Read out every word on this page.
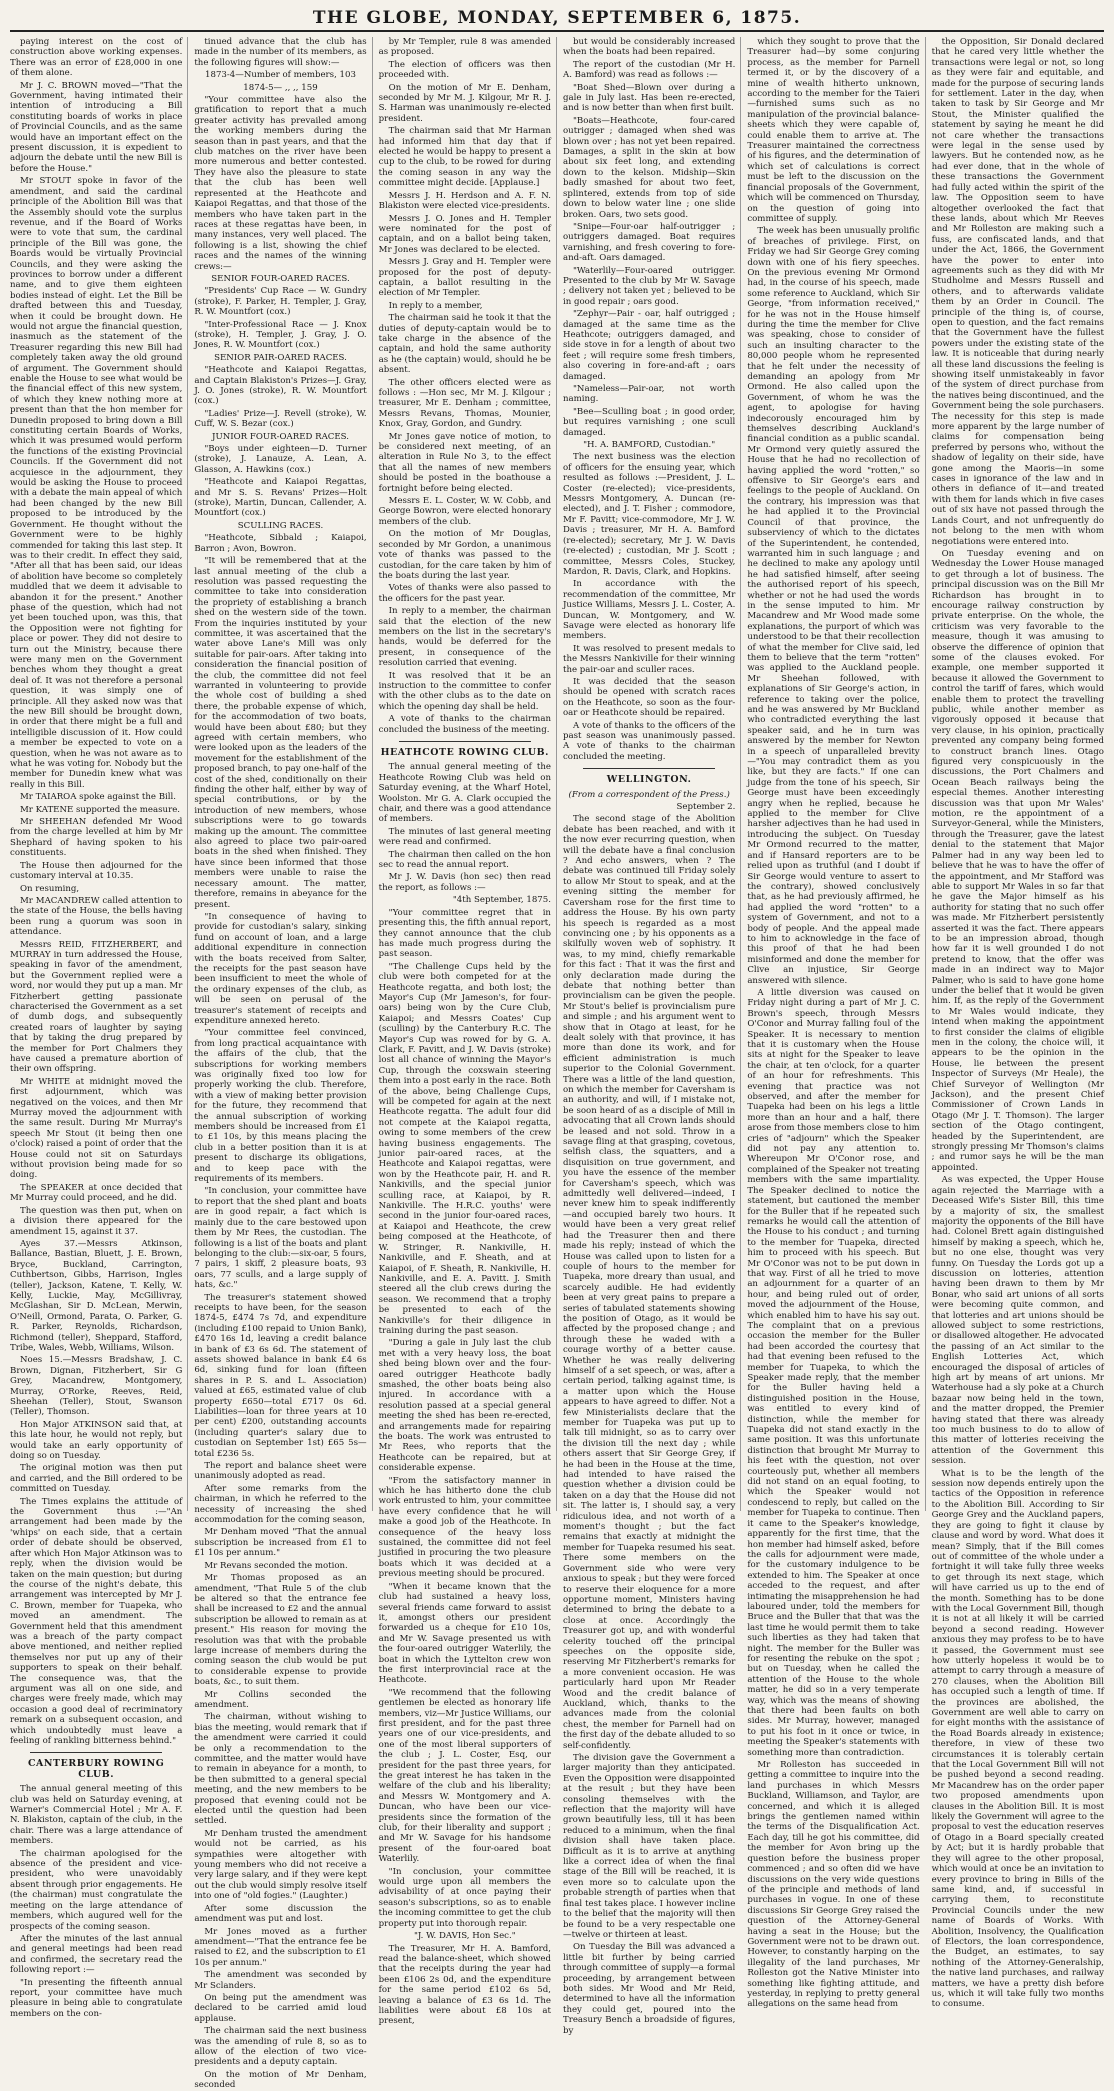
THE GLOBE, MONDAY, SEPTEMBER 6, 1875.

paying interest on the cost of construction above working expenses. There was an error of £28,000 in one of them alone.

Mr J. C. BROWN moved—"That the Government, having intimated their intention of introducing a Bill constituting boards of works in place of Provincial Councils, and as the same would have an important effect on the present discussion, it is expedient to adjourn the debate until the new Bill is before the House."

Mr STOUT spoke in favor of the amendment, and said the cardinal principle of the Abolition Bill was that the Assembly should vote the surplus revenue, and if the Board of Works were to vote that sum, the cardinal principle of the Bill was gone, the Boards would be virtually Provincial Councils, and they were asking the provinces to borrow under a different name, and to give them eighteen bodies instead of eight. Let the Bill be drafted between this and Tuesday, when it could be brought down. He would not argue the financial question, inasmuch as the statement of the Treasurer regarding this new Bill had completely taken away the old ground of argument. The Government should enable the House to see what would be the financial effect of this new system, of which they knew nothing more at present than that the hon member for Dunedin proposed to bring down a Bill constituting certain Boards of Works, which it was presumed would perform the functions of the existing Provincial Councils. If the Government did not acquiesce in the adjournment, they would be asking the House to proceed with a debate the main appeal of which had been changed by the new Bill proposed to be introduced by the Government. He thought without the Government were to be highly commended for taking this last step. It was to their credit. In effect they said, "After all that has been said, our ideas of abolition have become so completely muddled that we deem it advisable to abandon it for the present." Another phase of the question, which had not yet been touched upon, was this, that the Opposition were not fighting for place or power. They did not desire to turn out the Ministry, because there were many men on the Government benches whom they thought a great deal of. It was not therefore a personal question, it was simply one of principle. All they asked now was that the new Bill should be brought down, in order that there might be a full and intelligible discussion of it. How could a member be expected to vote on a question, when he was not aware as to what he was voting for. Nobody but the member for Dunedin knew what was really in this Bill.

Mr TAIAROA spoke against the Bill.

Mr KATENE supported the measure.

Mr SHEEHAN defended Mr Wood from the charge levelled at him by Mr Shephard of having spoken to his constituents.

The House then adjourned for the customary interval at 10.35.

On resuming,

Mr MACANDREW called attention to the state of the House, the bells having been rung a quorum was soon in attendance.

Messrs REID, FITZHERBERT, and MURRAY in turn addressed the House, speaking in favor of the amendment, but the Government replied were a word, nor would they put up a man. Mr Fitzherbert getting passionate characterised the Government as a set of dumb dogs, and subsequently created roars of laughter by saying that by taking the drug prepared by the member for Port Chalmers they have caused a premature abortion of their own offspring.

Mr WHITE at midnight moved the first adjournment, which was negatived on the voices, and then Mr Murray moved the adjournment with the same result. During Mr Murray's speech Mr Stout (it being then one o'clock) raised a point of order that the House could not sit on Saturdays without provision being made for so doing.

The SPEAKER at once decided that Mr Murray could proceed, and he did.

The question was then put, when on a division there appeared for the amendment 15, against it 37.

Ayes 37.—Messrs Atkinson, Ballance, Bastian, Bluett, J. E. Brown, Bryce, Buckland, Carrington, Cuthbertson, Gibbs, Harrison, Ingles (teller), Jackson, Katene, T. Kelly, W. Kelly, Luckie, May, McGillivray, McGlashan, Sir D. McLean, Merwin, O'Neill, Ormond, Parata, O. Parker, G. R. Parker, Reynolds, Richardson, Richmond (teller), Sheppard, Stafford, Tribe, Wales, Webb, Williams, Wilson.

Noes 15.—Messrs Bradshaw, J. C. Brown, Dignan, Fitzherbert, Sir G Grey, Macandrew, Montgomery, Murray, O'Rorke, Reeves, Reid, Sheehan (Teller), Stout, Swanson (Teller), Thomson.

Hon Major ATKINSON said that, at this late hour, he would not reply, but would take an early opportunity of doing so on Tuesday.

The original motion was then put and carried, and the Bill ordered to be committed on Tuesday.

The Times explains the attitude of the Government thus :—"An arrangement had been made by the 'whips' on each side, that a certain order of debate should be observed, after which Hon Major Atkinson was to reply, when the division would be taken on the main question; but during the course of the night's debate, this arrangement was intercepted by Mr J. C. Brown, member for Tuapeka, who moved an amendment. The Government held that this amendment was a breach of the party compact above mentioned, and neither replied themselves nor put up any of their supporters to speak on their behalf. The consequence was, that the argument was all on one side, and charges were freely made, which may occasion a good deal of recriminatory remark on a subsequent occasion, and which undoubtedly must leave a feeling of rankling bitterness behind."

CANTERBURY ROWING CLUB.

The annual general meeting of this club was held on Saturday evening, at Warner's Commercial Hotel ; Mr A. F. N. Blakiston, captain of the club, in the chair. There was a large attendance of members.

The chairman apologised for the absence of the president and vice-president, who were unavoidably absent through prior engagements. He (the chairman) must congratulate the meeting on the large attendance of members, which augured well for the prospects of the coming season.

After the minutes of the last annual and general meetings had been read and confirmed, the secretary read the following report :—

"In presenting the fifteenth annual report, your committee have much pleasure in being able to congratulate members on the con-

tinued advance that the club has made in the number of its members, as the following figures will show:—

1873-4—Number of members, 103

1874-5— ,, ,, 159

"Your committee have also the gratification to report that a much greater activity has prevailed among the working members during the season than in past years, and that the club matches on the river have been more numerous and better contested. They have also the pleasure to state that the club has been well represented at the Heathcote and Kaiapoi Regattas, and that those of the members who have taken part in the races at these regattas have been, in many instances, very well placed. The following is a list, showing the chief races and the names of the winning crews:—

SENIOR FOUR-OARED RACES.

"Presidents' Cup Race — W. Gundry (stroke), F. Parker, H. Templer, J. Gray, R. W. Mountfort (cox.)

"Inter-Professional Race — J. Knox (stroke), H. Templer, J. Gray, J. O. Jones, R. W. Mountfort (cox.)

SENIOR PAIR-OARED RACES.

"Heathcote and Kaiapoi Regattas, and Captain Blakiston's Prizes—J. Gray, J. O. Jones (stroke), R. W. Mountfort (cox.)

"Ladies' Prize—J. Revell (stroke), W. Cuff, W. S. Bezar (cox.)

JUNIOR FOUR-OARED RACES.

"Boys under eighteen—D. Turner (stroke), J. Lanauze, A. Lean, A. Glasson, A. Hawkins (cox.)

"Heathcote and Kaiapoi Regattas, and Mr S. S. Revans' Prizes—Holt (stroke), Martin, Duncan, Callender, A. Mountfort (cox.)

SCULLING RACES.

"Heathcote, Sibbald ; Kaiapoi, Barron ; Avon, Bowron.

"It will be remembered that at the last annual meeting of the club a resolution was passed requesting the committee to take into consideration the propriety of establishing a branch shed on the western side of the town. From the inquiries instituted by your committee, it was ascertained that the water above Lane's Mill was only suitable for pair-oars. After taking into consideration the financial position of the club, the committee did not feel warranted in volunteering to provide the whole cost of building a shed there, the probable expense of which, for the accommodation of two boats, would have been about £80; but they agreed with certain members, who were looked upon as the leaders of the movement for the establishment of the proposed branch, to pay one-half of the cost of the shed, conditionally on their finding the other half, either by way of special contributions, or by the introduction of new members, whose subscriptions were to go towards making up the amount. The committee also agreed to place two pair-oared boats in the shed when finished. They have since been informed that those members were unable to raise the necessary amount. The matter, therefore, remains in abeyance for the present.

"In consequence of having to provide for custodian's salary, sinking fund on account of loan, and a large additional expenditure in connection with the boats received from Salter, the receipts for the past season have been insufficient to meet the whole of the ordinary expenses of the club, as will be seen on perusal of the treasurer's statement of receipts and expenditure annexed hereto.

"Your committee feel convinced, from long practical acquaintance with the affairs of the club, that the subscriptions for working members was originally fixed too low for properly working the club. Therefore, with a view of making better provision for the future, they recommend that the annual subscription of working members should be increased from £1 to £1 10s, by this means placing the club in a better position than it is at present to discharge its obligations, and to keep pace with the requirements of its members.

"In conclusion, your committee have to report that the shed plant and boats are in good repair, a fact which is mainly due to the care bestowed upon them by Mr Rees, the custodian. The following is a list of the boats and plant belonging to the club:—six-oar, 5 fours, 7 pairs, 1 skiff, 2 pleasure boats, 93 oars, 77 sculls, and a large supply of hats, &c."

The treasurer's statement showed receipts to have been, for the season 1874-5, £474 7s 7d, and expenditure (including £100 repaid to Union Bank), £470 16s 1d, leaving a credit balance in bank of £3 6s 6d. The statement of assets showed balance in bank £4 6s 6d, sinking fund for loan (fifteen shares in P. S. and L. Association) valued at £65, estimated value of club property £650—total £717 0s 6d. Liabilities—loan for three years at 10 per cent) £200, outstanding accounts (including quarter's salary due to custodian on September 1st) £65 5s—total £236 5s.

The report and balance sheet were unanimously adopted as read.

After some remarks from the chairman, in which he referred to the necessity of increasing the shed accommodation for the coming season,

Mr Denham moved "That the annual subscription be increased from £1 to £1 10s per annum."

Mr Revans seconded the motion.

Mr Thomas proposed as an amendment, "That Rule 5 of the club be altered so that the entrance fee shall be increased to £2 and the annual subscription be allowed to remain as at present." His reason for moving the resolution was that with the probable large increase of members during the coming season the club would be put to considerable expense to provide boats, &c., to suit them.

Mr Collins seconded the amendment.

The chairman, without wishing to bias the meeting, would remark that if the amendment were carried it could be only a recommendation to the committee, and the matter would have to remain in abeyance for a month, to be then submitted to a general special meeting, and the new members to be proposed that evening could not be elected until the question had been settled.

Mr Denham trusted the amendment would not be carried, as his sympathies were altogether with young members who did not receive a very large salary, and if they were kept out the club would simply resolve itself into one of "old fogies." (Laughter.)

After some discussion the amendment was put and lost.

Mr Jones moved as a further amendment—"That the entrance fee be raised to £2, and the subscription to £1 10s per annum."

The amendment was seconded by Mr Sclanders.

On being put the amendment was declared to be carried amid loud applause.

The chairman said the next business was the amending of rule 8, so as to allow of the election of two vice-presidents and a deputy captain.

On the motion of Mr Denham, seconded

by Mr Templer, rule 8 was amended as proposed.

The election of officers was then proceeded with.

On the motion of Mr E. Denham, seconded by Mr M. J. Kilgour, Mr R. J. S. Harman was unanimously re-elected president.

The chairman said that Mr Harman had informed him that day that if elected he would be happy to present a cup to the club, to be rowed for during the coming season in any way the committee might decide. [Applause.]

Messrs J. H. Herdson and A. F. N. Blakiston were elected vice-presidents.

Messrs J. O. Jones and H. Templer were nominated for the post of captain, and on a ballot being taken, Mr Jones was declared to be elected.

Messrs J. Gray and H. Templer were proposed for the post of deputy-captain, a ballot resulting in the election of Mr Templer.

In reply to a member,

The chairman said he took it that the duties of deputy-captain would be to take charge in the absence of the captain, and hold the same authority as he (the captain) would, should he be absent.

The other officers elected were as follows : —Hon sec, Mr M. J. Kilgour ; treasurer, Mr E. Denham ; committee, Messrs Revans, Thomas, Mounier, Knox, Gray, Gordon, and Gundry.

Mr Jones gave notice of motion, to be considered next meeting, of an alteration in Rule No 3, to the effect that all the names of new members should be posted in the boathouse a fortnight before being elected.

Messrs E. L. Coster, W. W. Cobb, and George Bowron, were elected honorary members of the club.

On the motion of Mr Douglas, seconded by Mr Gordon, a unanimous vote of thanks was passed to the custodian, for the care taken by him of the boats during the last year.

Votes of thanks were also passed to the officers for the past year.

In reply to a member, the chairman said that the election of the new members on the list in the secretary's hands, would be deferred for the present, in consequence of the resolution carried that evening.

It was resolved that it be an instruction to the committee to confer with the other clubs as to the date on which the opening day shall be held.

A vote of thanks to the chairman concluded the business of the meeting.

HEATHCOTE ROWING CLUB.

The annual general meeting of the Heathcote Rowing Club was held on Saturday evening, at the Wharf Hotel, Woolston. Mr G. A. Clark occupied the chair, and there was a good attendance of members.

The minutes of last general meeting were read and confirmed.

The chairman then called on the hon sec to read the annual report.

Mr J. W. Davis (hon sec) then read the report, as follows :—

"4th September, 1875.

"Your committee regret that in presenting this, the fifth annual report, they cannot announce that the club has made much progress during the past season.

"The Challenge Cups held by the club were both competed for at the Heathcote regatta, and both lost; the Mayor's Cup (Mr Jameson's, for four-oars) being won by the Cure Club, Kaiapoi; and Messrs Coates' Cup (sculling) by the Canterbury R.C. The Mayor's Cup was rowed for by G. A. Clark, F. Pavitt, and J. W. Davis (stroke) lost all chance of winning the Mayor's Cup, through the coxswain steering them into a post early in the race. Both of the above, being Challenge Cups, will be competed for again at the next Heathcote regatta. The adult four did not compete at the Kaiapoi regatta, owing to some members of the crew having business engagements. The junior pair-oared races, at the Heathcote and Kaiapoi regattas, were won by the Heathcote pair, H. and R. Nankivills, and the special junior sculling race, at Kaiapoi, by R. Nankiville. The H.R.C. youths' were second in the junior four-oared races, at Kaiapoi and Heathcote, the crew being composed at the Heathcote, of W. Stringer, R. Nankiville, H. Nankiville, and F. Sheath, and at Kaiapoi, of F. Sheath, R. Nankiville, H. Nankiville, and E. A. Pavitt. J. Smith steered all the club crews during the season. We recommend that a trophy be presented to each of the Nankiville's for their diligence in training during the past season.

"During a gale in July last the club met with a very heavy loss, the boat shed being blown over and the four-oared outrigger Heathcote badly smashed, the other boats being also injured. In accordance with a resolution passed at a special general meeting the shed has been re-erected, and arrangements made for repairing the boats. The work was entrusted to Mr Rees, who reports that the Heathcote can be repaired, but at considerable expense.

"From the satisfactory manner in which he has hitherto done the club work entrusted to him, your committee have every confidence that he will make a good job of the Heathcote. In consequence of the heavy loss sustained, the committee did not feel justified in procuring the two pleasure boats which it was decided at a previous meeting should be procured.

"When it became known that the club had sustained a heavy loss, several friends came forward to assist it, amongst others our president forwarded us a cheque for £10 10s, and Mr W. Savage presented us with the four-oared outrigger Waterlily, the boat in which the Lyttelton crew won the first interprovincial race at the Heathcote.

"We recommend that the following gentlemen be elected as honorary life members, viz—Mr Justice Williams, our first president, and for the past three years one of our vice-presidents, and one of the most liberal supporters of the club ; J. L. Coster, Esq, our president for the past three years, for the great interest he has taken in the welfare of the club and his liberality; and Messrs W. Montgomery and A. Duncan, who have been our vice-presidents since the formation of the club, for their liberality and support ; and Mr W. Savage for his handsome present of the four-oared boat Waterlily.

"In conclusion, your committee would urge upon all members the advisability of at once paying their season's subscriptions, so as to enable the incoming committee to get the club property put into thorough repair.

"J. W. DAVIS, Hon Sec."

The Treasurer, Mr H. A. Bamford, read the balance-sheet, which showed that the receipts during the year had been £106 2s 0d, and the expenditure for the same period £102 6s 5d, leaving a balance of £3 6s 1d. The liabilities were about £8 10s at present,

but would be considerably increased when the boats had been repaired.

The report of the custodian (Mr H. A. Bamford) was read as follows :—

"Boat Shed—Blown over during a gale in July last. Has been re-erected, and is now better than when first built.

"Boats—Heathcote, four-cared outrigger ; damaged when shed was blown over ; has not yet been repaired. Damages, a split in the skin at bow about six feet long, and extending down to the kelson. Midship—Skin badly smashed for about two feet, splintered, extends from top of side down to below water line ; one slide broken. Oars, two sets good.

"Snipe—Four-oar half-outrigger ; outriggers damaged. Boat requires varnishing, and fresh covering to fore-and-aft. Oars damaged.

"Waterlily—Four-oared outrigger. Presented to the club by Mr W. Savage ; delivery not taken yet ; believed to be in good repair ; oars good.

"Zephyr—Pair - oar, half outrigged ; damaged at the same time as the Heathcote; outriggers damaged, and side stove in for a length of about two feet ; will require some fresh timbers, also covering in fore-and-aft ; oars damaged.

"Nameless—Pair-oar, not worth naming.

"Bee—Sculling boat ; in good order, but requires varnishing ; one scull damaged.

"H. A. BAMFORD, Custodian."

The next business was the election of officers for the ensuing year, which resulted as follows :—President, J. L. Coster (re-elected); vice-presidents, Messrs Montgomery, A. Duncan (re-elected), and J. T. Fisher ; commodore, Mr F. Pavitt; vice-commodore, Mr J. W. Davis ; treasurer, Mr H. A. Bamford (re-elected); secretary, Mr J. W. Davis (re-elected) ; custodian, Mr J. Scott ; committee, Messrs Coles, Stuckey, Mardon, R. Davis, Clark, and Hopkins.

In accordance with the recommendation of the committee, Mr Justice Williams, Messrs J. L. Coster, A. Duncan, W. Montgomery, and W. Savage were elected as honorary life members.

It was resolved to present medals to the Messrs Nankiville for their winning the pair-oar and sculler races.

It was decided that the season should be opened with scratch races on the Heathcote, so soon as the four-oar or Heathcote should be repaired.

A vote of thanks to the officers of the past season was unanimously passed. A vote of thanks to the chairman concluded the meeting.

WELLINGTON.

(From a correspondent of the Press.)

September 2.

The second stage of the Abolition debate has been reached, and with it the now ever recurring question, when will the debate have a final conclusion ? And echo answers, when ? The debate was continued till Friday solely to allow Mr Stout to speak, and at the evening sitting the member for Caversham rose for the first time to address the House. By his own party his speech is regarded as a most convincing one ; by his opponents as a skilfully woven web of sophistry. It was, to my mind, chiefly remarkable for this fact : That it was the first and only declaration made during the debate that nothing better than provincialism can be given the people. Mr Stout's belief is provincialism pure and simple ; and his argument went to show that in Otago at least, for he dealt solely with that province, it has more than done its work, and for efficient administration is much superior to the Colonial Government. There was a little of the land question, on which the member for Caversham is an authority, and will, if I mistake not, be soon heard of as a disciple of Mill in advocating that all Crown lands should be leased and not sold. Throw in a savage fling at that grasping, covetous, selfish class, the squatters, and a disquisition on true government, and you have the essence of the member for Caversham's speech, which was admittedly well delivered—indeed, I never knew him to speak indifferently—and occupied barely two hours. It would have been a very great relief had the Treasurer then and there made his reply; instead of which the House was called upon to listen for a couple of hours to the member for Tuapeka, more dreary than usual, and scarcely audible. He had evidently been at very great pains to prepare a series of tabulated statements showing the position of Otago, as it would be affected by the proposed change ; and through these he waded with a courage worthy of a better cause. Whether he was really delivering himself of a set speech, or was, after a certain period, talking against time, is a matter upon which the House appears to have agreed to differ. Not a few Ministerialists declare that the member for Tuapeka was put up to talk till midnight, so as to carry over the division till the next day ; while others assert that Sir George Grey, if he had been in the House at the time, had intended to have raised the question whether a division could be taken on a day that the House did not sit. The latter is, I should say, a very ridiculous idea, and not worth of a moment's thought ; but the fact remains that exactly at midnight the member for Tuapeka resumed his seat. There some members on the Government side who were very anxious to speak ; but they were forced to reserve their eloquence for a more opportune moment, Ministers having determined to bring the debate to a close at once. Accordingly the Treasurer got up, and with wonderful celerity touched off the principal speeches on the opposite side, reserving Mr Fitzherbert's remarks for a more convenient occasion. He was particularly hard upon Mr Reader Wood and the credit balance of Auckland, which, thanks to the advances made from the colonial chest, the member for Parnell had on the first day of the debate alluded to so self-confidently.

The division gave the Government a larger majority than they anticipated. Even the Opposition were disappointed at the result ; but they have been consoling themselves with the reflection that the majority will have grown beautifully less, till it has been reduced to a minimum, when the final division shall have taken place. Difficult as it is to arrive at anything like a correct idea of when the final stage of the Bill will be reached, it is even more so to calculate upon the probable strength of parties when that final test takes place. I however incline to the belief that the majority will then be found to be a very respectable one—twelve or thirteen at least.

On Tuesday the Bill was advanced a little bit further by being carried through committee of supply—a formal proceeding, by arrangement between both sides. Mr Wood and Mr Reid, determined to have all the information they could get, poured into the Treasury Bench a broadside of figures, by

which they sought to prove that the Treasurer had—by some conjuring process, as the member for Parnell termed it, or by the discovery of a mine of wealth hitherto unknown, according to the member for the Taieri—furnished sums such as no manipulation of the provincial balance-sheets which they were capable of, could enable them to arrive at. The Treasurer maintained the correctness of his figures, and the determination of which set of calculations is correct must be left to the discussion on the financial proposals of the Government, which will be commenced on Thursday, on the question of going into committee of supply.

The week has been unusually prolific of breaches of privilege. First, on Friday we had Sir George Grey coming down with one of his fiery speeches. On the previous evening Mr Ormond had, in the course of his speech, made some reference to Auckland, which Sir George, "from information received," for he was not in the House himself during the time the member for Clive was speaking, chose to consider of such an insulting character to the 80,000 people whom he represented that he felt under the necessity of demanding an apology from Mr Ormond. He also called upon the Government, of whom he was the agent, to apologise for having indecorously encouraged him by themselves describing Auckland's financial condition as a public scandal. Mr Ormond very quietly assured the House that he had no recollection of having applied the word "rotten," so offensive to Sir George's ears and feelings to the people of Auckland. On the contrary, his impression was that he had applied it to the Provincial Council of that province, the subserviency of which to the dictates of the Superintendent, he contended, warranted him in such language ; and he declined to make any apology until he had satisfied himself, after seeing the authorised report of his speech, whether or not he had used the words in the sense imputed to him. Mr Macandrew and Mr Wood made some explanations, the purport of which was understood to be that their recollection of what the member for Clive said, led them to believe that the term "rotten" was applied to the Auckland people. Mr Sheehan followed, with explanations of Sir George's action, in reference to taking over the police, and he was answered by Mr Buckland who contradicted everything the last speaker said, and he in turn was answered by the member for Newton in a speech of unparalleled brevity—"You may contradict them as you like, but they are facts." If one can judge from the tone of his speech, Sir George must have been exceedingly angry when he replied, because he applied to the member for Clive harsher adjectives than he had used in introducing the subject. On Tuesday Mr Ormond recurred to the matter, and if Hansard reporters are to be relied upon as truthful (and I doubt if Sir George would venture to assert to the contrary), showed conclusively that, as he had previously affirmed, he had applied the word "rotten" to a system of Government, and not to a body of people. And the appeal made to him to acknowledge in the face of this proof of that he had been misinformed and done the member for Clive an injustice, Sir George answered with silence.

A little diversion was caused on Friday night during a part of Mr J. C. Brown's speech, through Messrs O'Conor and Murray falling foul of the Speaker. It is necessary to mention that it is customary when the House sits at night for the Speaker to leave the chair, at ten o'clock, for a quarter of an hour for refreshments. This evening that practice was not observed, and after the member for Tuapeka had been on his legs a little more than an hour and a half, there arose from those members close to him cries of "adjourn" which the Speaker did not pay any attention to. Whereupon Mr O'Conor rose, and complained of the Speaker not treating members with the same impartiality. The Speaker declined to notice the statement, but cautioned the member for the Buller that if he repeated such remarks he would call the attention of the House to his conduct ; and turning to the member for Tuapeka, directed him to proceed with his speech. But Mr O'Conor was not to be put down in that way. First of all he tried to move an adjournment for a quarter of an hour, and being ruled out of order, moved the adjournment of the House, which enabled him to have his say out. The complaint that on a previous occasion the member for the Buller had been accorded the courtesy that had that evening been refused to the member for Tuapeka, to which the Speaker made reply, that the member for the Buller having held a distinguished position in the House, was entitled to every kind of distinction, while the member for Tuapeka did not stand exactly in the same position. It was this unfortunate distinction that brought Mr Murray to his feet with the question, not over courteously put, whether all members did not stand on an equal footing, to which the Speaker would not condescend to reply, but called on the member for Tuapeka to continue. Then it came to the Speaker's knowledge, apparently for the first time, that the hon member had himself asked, before the calls for adjournment were made, for the customary indulgence to be extended to him. The Speaker at once acceded to the request, and after intimating the misapprehension he had laboured under, told the members for Bruce and the Buller that that was the last time he would permit them to take such liberties as they had taken that night. The member for the Buller was for resenting the rebuke on the spot ; but on Tuesday, when he called the attention of the House to the whole matter, he did so in a very temperate way, which was the means of showing that there had been faults on both sides. Mr Murray, however, managed to put his foot in it once or twice, in meeting the Speaker's statements with something more than contradiction.

Mr Rolleston has succeeded in getting a committee to inquire into the land purchases in which Messrs Buckland, Williamson, and Taylor, are concerned, and which it is alleged brings the gentlemen named within the terms of the Disqualification Act. Each day, till he got his committee, did the member for Avon bring up the question before the business proper commenced ; and so often did we have discussions on the very wide questions of the principle and methods of land purchases in vogue. In one of these discussions Sir George Grey raised the question of the Attorney-General having a seat in the House; but the Government were not to be drawn out. However, to constantly harping on the illegality of the land purchases, Mr Rolleston got the Native Minister into something like fighting attitude, and yesterday, in replying to pretty general allegations on the same head from

the Opposition, Sir Donald declared that he cared very little whether the transactions were legal or not, so long as they were fair and equitable, and made for the purpose of securing lands for settlement. Later in the day, when taken to task by Sir George and Mr Stout, the Minister qualified the statement by saying he meant he did not care whether the transactions were legal in the sense used by lawyers. But he contended now, as he had ever done, that in the whole of these transactions the Government had fully acted within the spirit of the law. The Opposition seem to have altogether overlooked the fact that these lands, about which Mr Reeves and Mr Rolleston are making such a fuss, are confiscated lands, and that under the Act, 1866, the Government have the power to enter into agreements such as they did with Mr Studholme and Messrs Russell and others, and to afterwards validate them by an Order in Council. The principle of the thing is, of course, open to question, and the fact remains that the Government have the fullest powers under the existing state of the law. It is noticeable that during nearly all these land discussions the feeling is showing itself unmistakeably in favor of the system of direct purchase from the natives being discontinued, and the Government being the sole purchasers. The necessity for this step is made more apparent by the large number of claims for compensation being preferred by persons who, without the shadow of legality on their side, have gone among the Maoris—in some cases in ignorance of the law and in others in defiance of it—and treated with them for lands which in five cases out of six have not passed through the Lands Court, and not unfrequently do not belong to the men with whom negotiations were entered into.

On Tuesday evening and on Wednesday the Lower House managed to get through a lot of business. The principal discussion was on the Bill Mr Richardson has brought in to encourage railway construction by private enterprise. On the whole, the criticism was very favorable to the measure, though it was amusing to observe the difference of opinion that some of the clauses evoked. For example, one member supported it because it allowed the Government to control the tariff of fares, which would enable them to protect the travelling public, while another member as vigorously opposed it because that very clause, in his opinion, practically prevented any company being formed to construct branch lines. Otago figured very conspicuously in the discussions, the Port Chalmers and Ocean Beach railways being the especial themes. Another interesting discussion was that upon Mr Wales' motion, re the appointment of a Surveyor-General, while the Ministers, through the Treasurer, gave the latest denial to the statement that Major Palmer had in any way been led to believe that he was to have the offer of the appointment, and Mr Stafford was able to support Mr Wales in so far that he gave the Major himself as his authority for stating that no such offer was made. Mr Fitzherbert persistently asserted it was the fact. There appears to be an impression abroad, though how far it is well grounded I do not pretend to know, that the offer was made in an indirect way to Major Palmer, who is said to have gone home under the belief that it would be given him. If, as the reply of the Government to Mr Wales would indicate, they intend when making the appointment to first consider the claims of eligible men in the colony, the choice will, it appears to be the opinion in the House, lie between the present Inspector of Surveys (Mr Heale), the Chief Surveyor of Wellington (Mr Jackson), and the present Chief Commissioner of Crown Lands in Otago (Mr J. T. Thomson). The larger section of the Otago contingent, headed by the Superintendent, are strongly pressing Mr Thomson's claims ; and rumor says he will be the man appointed.

As was expected, the Upper House again rejected the Marriage with a Deceased Wife's Sister Bill, this time by a majority of six, the smallest majority the opponents of the Bill have had. Colonel Brett again distinguished himself by making a speech, which he, but no one else, thought was very funny. On Tuesday the Lords got up a discussion on lotteries, attention having been drawn to them by Mr Bonar, who said art unions of all sorts were becoming quite common, and that lotteries and art unions should be allowed subject to some restrictions, or disallowed altogether. He advocated the passing of an Act similar to the English Lotteries Act, which encouraged the disposal of articles of high art by means of art unions. Mr Waterhouse had a sly poke at a Church bazaar now being held in the town, and the matter dropped, the Premier having stated that there was already too much business to do to allow of this matter of lotteries receiving the attention of the Government this session.

What is to be the length of the session now depends entirely upon the tactics of the Opposition in reference to the Abolition Bill. According to Sir George Grey and the Auckland papers, they are going to fight it clause by clause and word by word. What does it mean? Simply, that if the Bill comes out of committee of the whole under a fortnight it will take fully three weeks to get through its next stage, which will have carried us up to the end of the month. Something has to be done with the Local Government Bill, though it is not at all likely it will be carried beyond a second reading. However anxious they may profess to be to have it passed, the Government must see how utterly hopeless it would be to attempt to carry through a measure of 270 clauses, when the Abolition Bill has occupied such a length of time. If the provinces are abolished, the Government are well able to carry on for eight months with the assistance of the Road Boards already in existence; therefore, in view of these two circumstances it is tolerably certain that the Local Government Bill will not be pushed beyond a second reading. Mr Macandrew has on the order paper two proposed amendments upon clauses in the Abolition Bill. It is most likely the Government will agree to the proposal to vest the education reserves of Otago in a Board specially created by Act; but it is hardly probable that they will agree to the other proposal, which would at once be an invitation to every province to bring in Bills of the same kind, and, if successful in carrying them, to reconstitute Provincial Councils under the new name of Boards of Works. With Abolition, Insolvency, the Qualification of Electors, the loan correspondence, the Budget, an estimates, to say nothing of the Attorney-Generalship, the native land purchases, and railway matters, we have a pretty dish before us, which it will take fully two months to consume.
